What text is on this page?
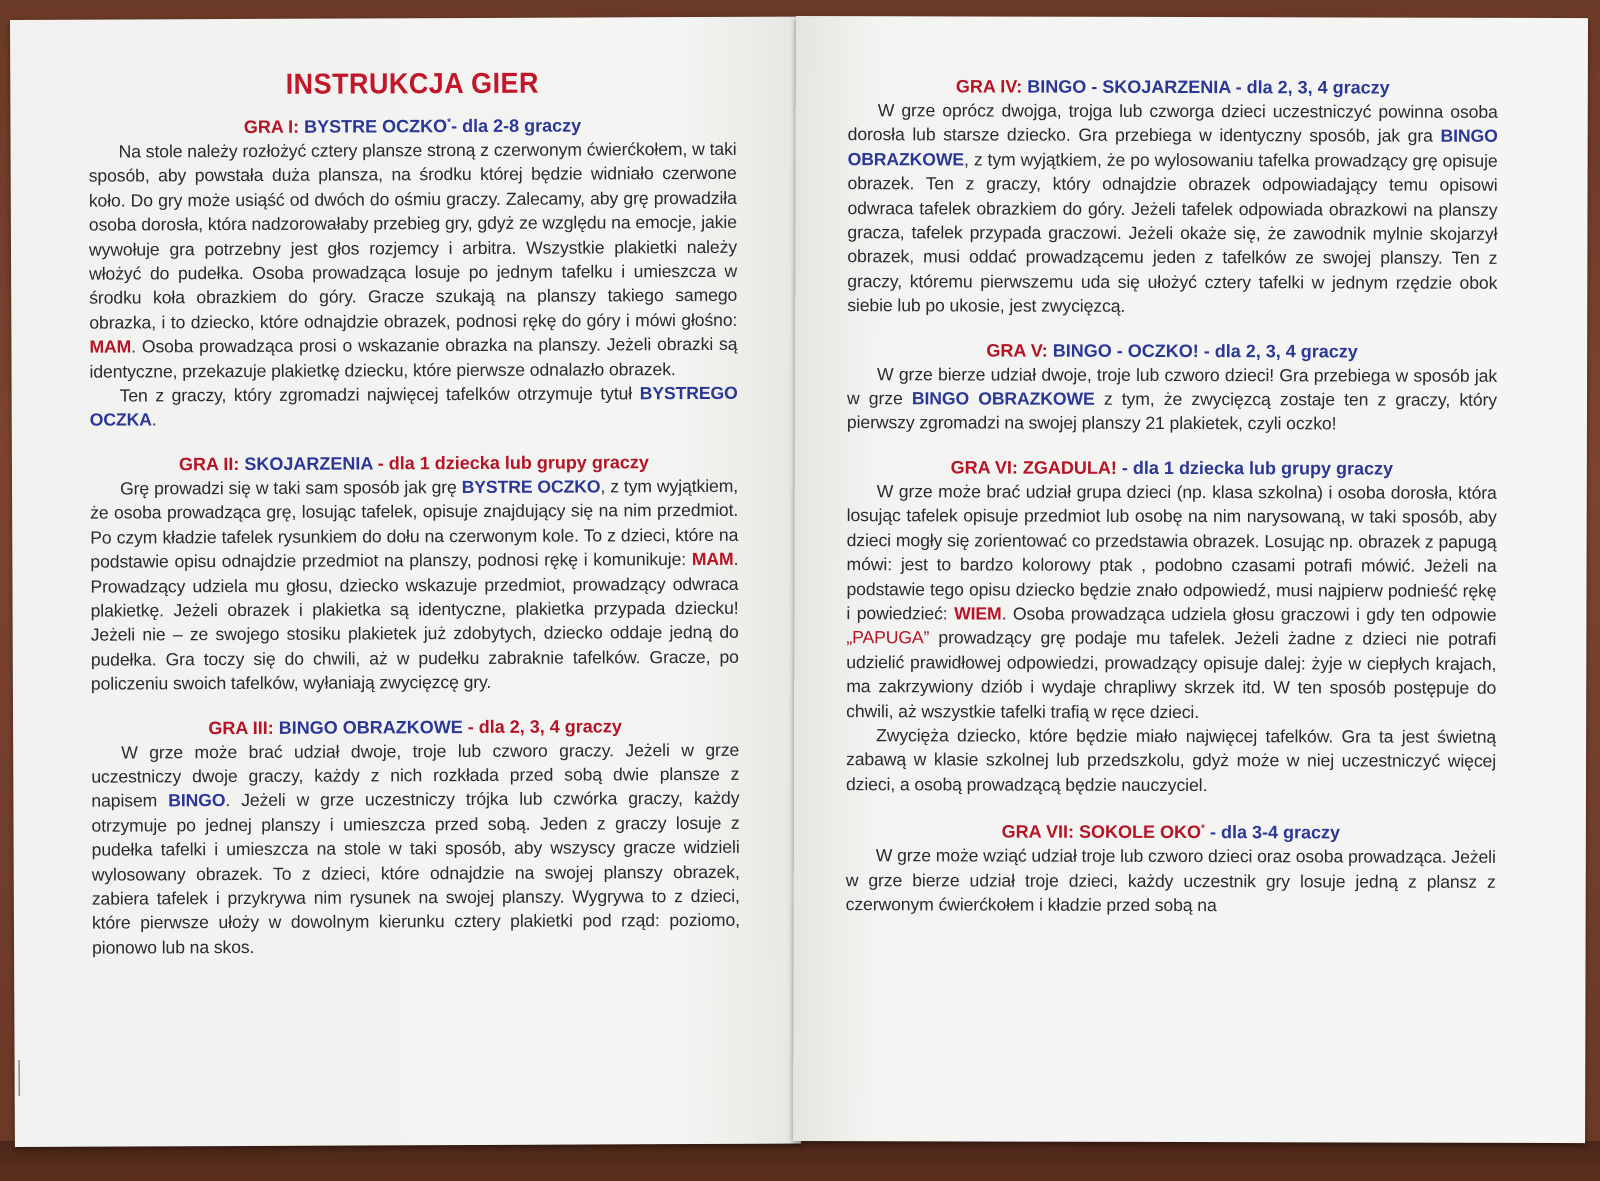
INSTRUKCJA GIER
GRA I: BYSTRE OCZKO*- dla 2-8 graczy

Na stole należy rozłożyć cztery plansze stroną z czerwonym ćwierćkołem, w taki sposób, aby powstała duża plansza, na środku której będzie widniało czerwone koło. Do gry może usiąść od dwóch do ośmiu graczy. Zalecamy, aby grę prowadziła osoba dorosła, która nadzorowałaby przebieg gry, gdyż ze względu na emocje, jakie wywołuje gra potrzebny jest głos rozjemcy i arbitra. Wszystkie plakietki należy włożyć do pudełka. Osoba prowadząca losuje po jednym tafelku i umieszcza w środku koła obrazkiem do góry. Gracze szukają na planszy takiego samego obrazka, i to dziecko, które odnajdzie obrazek, podnosi rękę do góry i mówi głośno: MAM. Osoba prowadząca prosi o wskazanie obrazka na planszy. Jeżeli obrazki są identyczne, przekazuje plakietkę dziecku, które pierwsze odnalazło obrazek.

Ten z graczy, który zgromadzi najwięcej tafelków otrzymuje tytuł BYSTREGO OCZKA.

GRA II: SKOJARZENIA - dla 1 dziecka lub grupy graczy

Grę prowadzi się w taki sam sposób jak grę BYSTRE OCZKO, z tym wyjątkiem, że osoba prowadząca grę, losując tafelek, opisuje znajdujący się na nim przedmiot. Po czym kładzie tafelek rysunkiem do dołu na czerwonym kole. To z dzieci, które na podstawie opisu odnajdzie przedmiot na planszy, podnosi rękę i komunikuje: MAM. Prowadzący udziela mu głosu, dziecko wskazuje przedmiot, prowadzący odwraca plakietkę. Jeżeli obrazek i plakietka są identyczne, plakietka przypada dziecku! Jeżeli nie – ze swojego stosiku plakietek już zdobytych, dziecko oddaje jedną do pudełka. Gra toczy się do chwili, aż w pudełku zabraknie tafelków. Gracze, po policzeniu swoich tafelków, wyłaniają zwycięzcę gry.

GRA III: BINGO OBRAZKOWE - dla 2, 3, 4 graczy

W grze może brać udział dwoje, troje lub czworo graczy. Jeżeli w grze uczestniczy dwoje graczy, każdy z nich rozkłada przed sobą dwie plansze z napisem BINGO. Jeżeli w grze uczestniczy trójka lub czwórka graczy, każdy otrzymuje po jednej planszy i umieszcza przed sobą. Jeden z graczy losuje z pudełka tafelki i umieszcza na stole w taki sposób, aby wszyscy gracze widzieli wylosowany obrazek. To z dzieci, które odnajdzie na swojej planszy obrazek, zabiera tafelek i przykrywa nim rysunek na swojej planszy. Wygrywa to z dzieci, które pierwsze ułoży w dowolnym kierunku cztery plakietki pod rząd: poziomo, pionowo lub na skos.

GRA IV: BINGO - SKOJARZENIA - dla 2, 3, 4 graczy

W grze oprócz dwojga, trojga lub czworga dzieci uczestniczyć powinna osoba dorosła lub starsze dziecko. Gra przebiega w identyczny sposób, jak gra BINGO OBRAZKOWE, z tym wyjątkiem, że po wylosowaniu tafelka prowadzący grę opisuje obrazek. Ten z graczy, który odnajdzie obrazek odpowiadający temu opisowi odwraca tafelek obrazkiem do góry. Jeżeli tafelek odpowiada obrazkowi na planszy gracza, tafelek przypada graczowi. Jeżeli okaże się, że zawodnik mylnie skojarzył obrazek, musi oddać prowadzącemu jeden z tafelków ze swojej planszy. Ten z graczy, któremu pierwszemu uda się ułożyć cztery tafelki w jednym rzędzie obok siebie lub po ukosie, jest zwycięzcą.

GRA V: BINGO - OCZKO! - dla 2, 3, 4 graczy

W grze bierze udział dwoje, troje lub czworo dzieci! Gra przebiega w sposób jak w grze BINGO OBRAZKOWE z tym, że zwycięzcą zostaje ten z graczy, który pierwszy zgromadzi na swojej planszy 21 plakietek, czyli oczko!

GRA VI: ZGADULA! - dla 1 dziecka lub grupy graczy

W grze może brać udział grupa dzieci (np. klasa szkolna) i osoba dorosła, która losując tafelek opisuje przedmiot lub osobę na nim narysowaną, w taki sposób, aby dzieci mogły się zorientować co przedstawia obrazek. Losując np. obrazek z papugą mówi: jest to bardzo kolorowy ptak , podobno czasami potrafi mówić. Jeżeli na podstawie tego opisu dziecko będzie znało odpowiedź, musi najpierw podnieść rękę i powiedzieć: WIEM. Osoba prowadząca udziela głosu graczowi i gdy ten odpowie „PAPUGA” prowadzący grę podaje mu tafelek. Jeżeli żadne z dzieci nie potrafi udzielić prawidłowej odpowiedzi, prowadzący opisuje dalej: żyje w ciepłych krajach, ma zakrzywiony dziób i wydaje chrapliwy skrzek itd. W ten sposób postępuje do chwili, aż wszystkie tafelki trafią w ręce dzieci.

Zwycięża dziecko, które będzie miało najwięcej tafelków. Gra ta jest świetną zabawą w klasie szkolnej lub przedszkolu, gdyż może w niej uczestniczyć więcej dzieci, a osobą prowadzącą będzie nauczyciel.

GRA VII: SOKOLE OKO* - dla 3-4 graczy

W grze może wziąć udział troje lub czworo dzieci oraz osoba prowadząca. Jeżeli w grze bierze udział troje dzieci, każdy uczestnik gry losuje jedną z plansz z czerwonym ćwierćkołem i kładzie przed sobą na
